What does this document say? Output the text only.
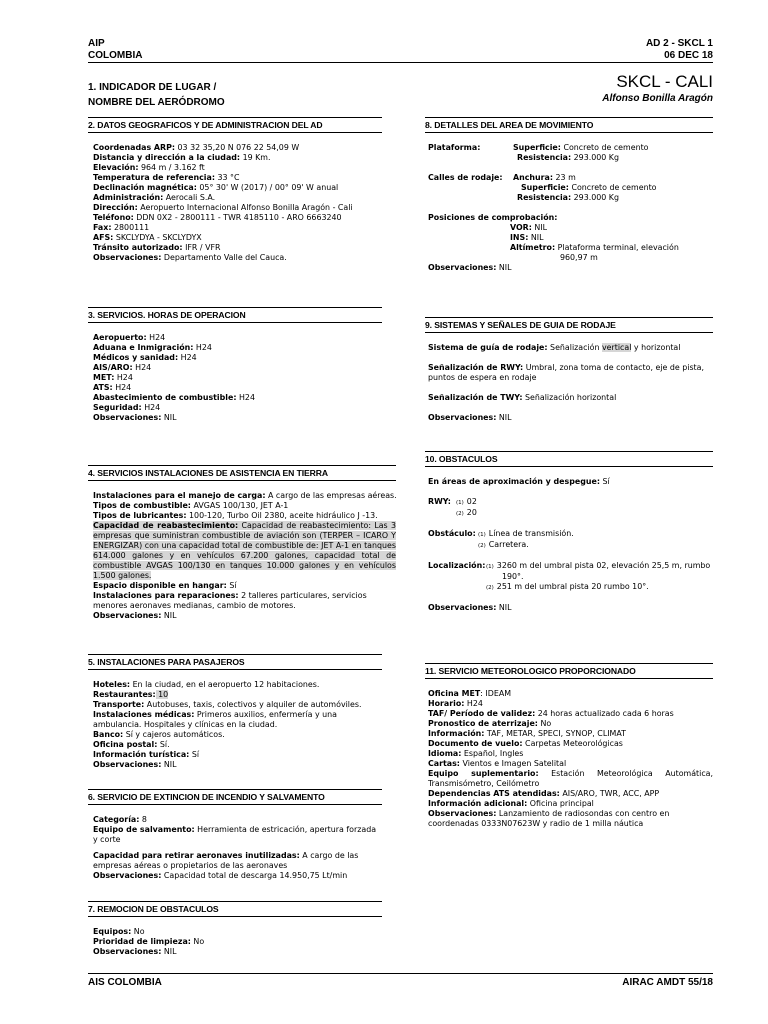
AIP
COLOMBIA
AD 2 - SKCL 1
06 DEC 18
1. INDICADOR DE LUGAR /
NOMBRE DEL AERÓDROMO
SKCL - CALI
Alfonso Bonilla Aragón
2. DATOS GEOGRAFICOS Y DE ADMINISTRACION DEL AD
Coordenadas ARP: 03 32 35,20 N 076 22 54,09 W
Distancia y dirección a la ciudad: 19 Km.
Elevación: 964 m / 3.162 ft
Temperatura de referencia: 33 °C
Declinación magnética: 05° 30' W (2017) / 00° 09' W anual
Administración: Aerocali S.A.
Dirección: Aeropuerto Internacional Alfonso Bonilla Aragón - Cali
Teléfono: DDN 0X2 - 2800111 - TWR 4185110 - ARO 6663240
Fax: 2800111
AFS: SKCLYDYA - SKCLYDYX
Tránsito autorizado: IFR / VFR
Observaciones: Departamento Valle del Cauca.
3. SERVICIOS. HORAS DE OPERACION
Aeropuerto: H24
Aduana e Inmigración: H24
Médicos y sanidad: H24
AIS/ARO: H24
MET: H24
ATS: H24
Abastecimiento de combustible: H24
Seguridad: H24
Observaciones: NIL
4. SERVICIOS INSTALACIONES DE ASISTENCIA EN TIERRA
Instalaciones para el manejo de carga: A cargo de las empresas aéreas.
Tipos de combustible: AVGAS 100/130, JET A-1
Tipos de lubricantes: 100-120, Turbo Oil 2380, aceite hidráulico J -13.
Capacidad de reabastecimiento: Capacidad de reabastecimiento: Las 3 empresas que suministran combustible de aviación son (TERPER – ICARO Y ENERGIZAR) con una capacidad total de combustible de: JET A-1 en tanques 614.000 galones y en vehículos 67.200 galones, capacidad total de combustible AVGAS 100/130 en tanques 10.000 galones y en vehículos 1.500 galones.
Espacio disponible en hangar: Sí
Instalaciones para reparaciones: 2 talleres particulares, servicios menores aeronaves medianas, cambio de motores.
Observaciones: NIL
5. INSTALACIONES PARA PASAJEROS
Hoteles: En la ciudad, en el aeropuerto 12 habitaciones.
Restaurantes: 10
Transporte: Autobuses, taxis, colectivos y alquiler de automóviles.
Instalaciones médicas: Primeros auxilios, enfermería y una ambulancia. Hospitales y clínicas en la ciudad.
Banco: Sí y cajeros automáticos.
Oficina postal: Sí.
Información turística: Sí
Observaciones: NIL
6. SERVICIO DE EXTINCION DE INCENDIO Y SALVAMENTO
Categoría: 8
Equipo de salvamento: Herramienta de estricación, apertura forzada y corte
Capacidad para retirar aeronaves inutilizadas: A cargo de las empresas aéreas o propietarios de las aeronaves
Observaciones: Capacidad total de descarga 14.950,75 Lt/min
7. REMOCION DE OBSTACULOS
Equipos: No
Prioridad de limpieza: No
Observaciones: NIL
8. DETALLES DEL AREA DE MOVIMIENTO
Plataforma:	Superficie: Concreto de cemento
Resistencia: 293.000 Kg
Calles de rodaje:	Anchura: 23 m
Superficie: Concreto de cemento
Resistencia: 293.000 Kg
Posiciones de comprobación:
VOR: NIL
INS: NIL
Altímetro: Plataforma terminal, elevación
960,97 m
Observaciones: NIL
9. SISTEMAS Y SEÑALES DE GUIA DE RODAJE
Sistema de guía de rodaje: Señalización vertical y horizontal
Señalización de RWY: Umbral, zona toma de contacto, eje de pista, puntos de espera en rodaje
Señalización de TWY: Señalización horizontal
Observaciones: NIL
10. OBSTACULOS
En áreas de aproximación y despegue: Sí
RWY: (1) 02
(2) 20
Obstáculo: (1) Línea de transmisión.
(2) Carretera.
Localización: (1) 3260 m del umbral pista 02, elevación 25,5 m, rumbo
190°.
(2) 251 m del umbral pista 20 rumbo 10°.
Observaciones: NIL
11. SERVICIO METEOROLOGICO PROPORCIONADO
Oficina MET: IDEAM
Horario: H24
TAF/ Período de validez: 24 horas actualizado cada 6 horas
Pronostico de aterrizaje: No
Información: TAF, METAR, SPECI, SYNOP, CLIMAT
Documento de vuelo: Carpetas Meteorológicas
Idioma: Español, Ingles
Cartas: Vientos e Imagen Satelital
Equipo suplementario: Estación Meteorológica Automática, Transmisómetro, Ceilómetro
Dependencias ATS atendidas: AIS/ARO, TWR, ACC, APP
Información adicional: Oficina principal
Observaciones: Lanzamiento de radiosondas con centro en coordenadas 0333N07623W y radio de 1 milla náutica
AIS COLOMBIA	AIRAC AMDT 55/18
